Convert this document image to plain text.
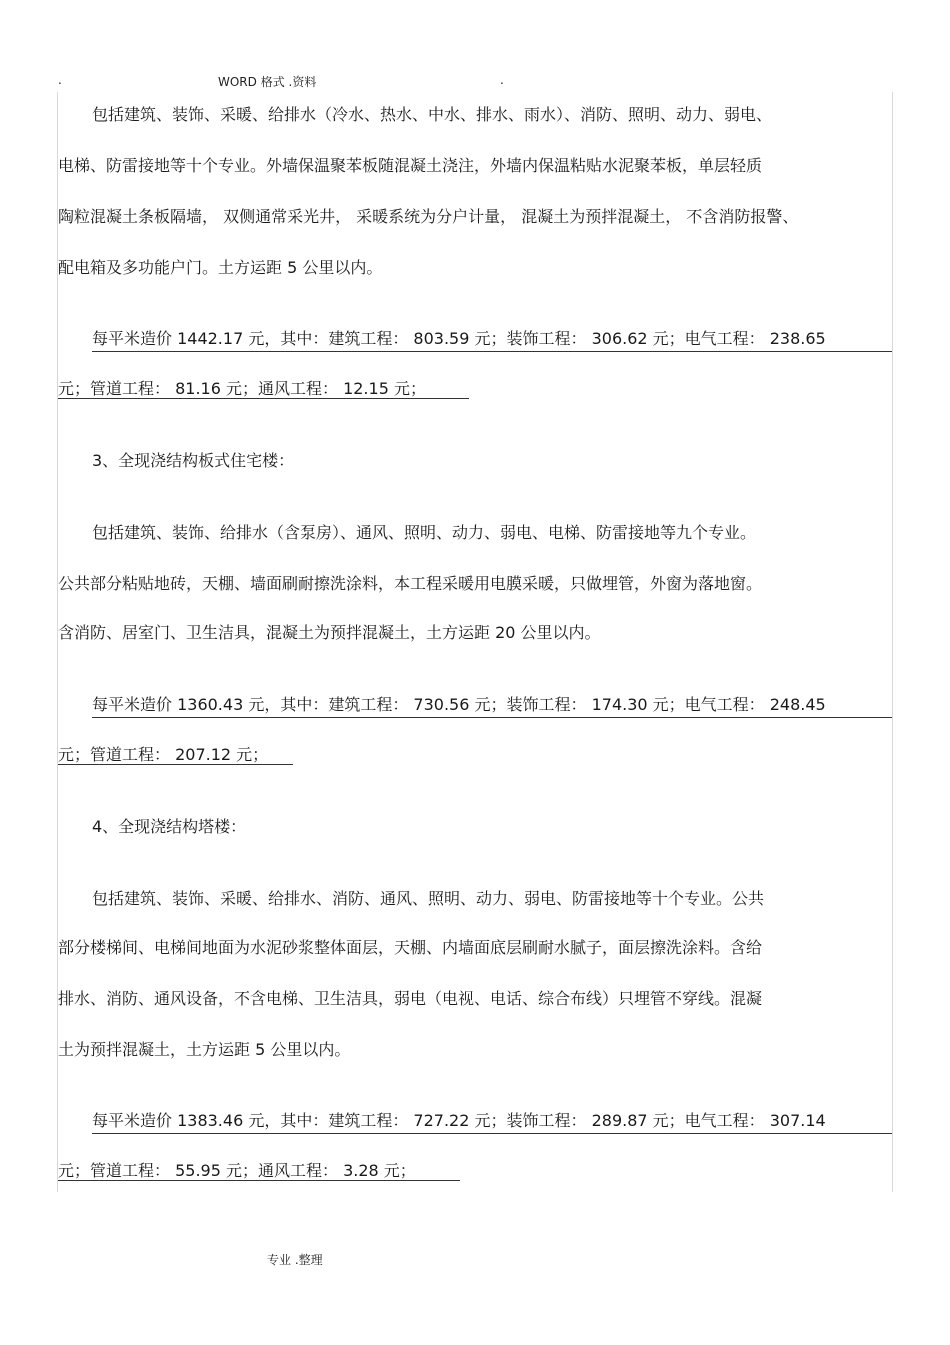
.	WORD 格式 .资料	.
包括建筑、装饰、采暖、给排水（冷水、热水、中水、排水、雨水）、消防、照明、动力、弱电、
电梯、防雷接地等十个专业。外墙保温聚苯板随混凝土浇注，外墙内保温粘贴水泥聚苯板，单层轻质
陶粒混凝土条板隔墙， 双侧通常采光井， 采暖系统为分户计量， 混凝土为预拌混凝土， 不含消防报警、
配电箱及多功能户门。土方运距 5 公里以内。
每平米造价 1442.17 元，其中：建筑工程： 803.59 元；装饰工程： 306.62 元；电气工程： 238.65
元；管道工程： 81.16 元；通风工程： 12.15 元；
3、全现浇结构板式住宅楼：
包括建筑、装饰、给排水（含泵房）、通风、照明、动力、弱电、电梯、防雷接地等九个专业。
公共部分粘贴地砖，天棚、墙面刷耐擦洗涂料，本工程采暖用电膜采暖，只做埋管，外窗为落地窗。
含消防、居室门、卫生洁具，混凝土为预拌混凝土，土方运距 20 公里以内。
每平米造价 1360.43 元，其中：建筑工程： 730.56 元；装饰工程： 174.30 元；电气工程： 248.45
元；管道工程： 207.12 元；
4、全现浇结构塔楼：
包括建筑、装饰、采暖、给排水、消防、通风、照明、动力、弱电、防雷接地等十个专业。公共
部分楼梯间、电梯间地面为水泥砂浆整体面层，天棚、内墙面底层刷耐水腻子，面层擦洗涂料。含给
排水、消防、通风设备，不含电梯、卫生洁具，弱电（电视、电话、综合布线）只埋管不穿线。混凝
土为预拌混凝土，土方运距 5 公里以内。
每平米造价 1383.46 元，其中：建筑工程： 727.22 元；装饰工程： 289.87 元；电气工程： 307.14
元；管道工程： 55.95 元；通风工程： 3.28 元；
专业 .整理
